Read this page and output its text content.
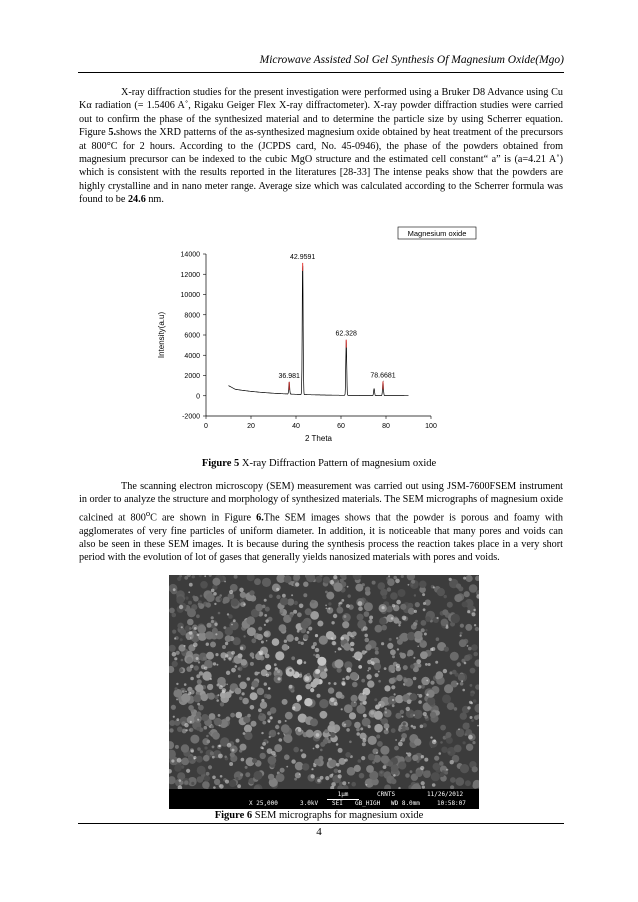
Microwave Assisted Sol Gel Synthesis Of Magnesium Oxide(Mgo)

X-ray diffraction studies for the present investigation were performed using a Bruker D8 Advance using Cu Kα radiation (= 1.5406 A˚, Rigaku Geiger Flex X-ray diffractometer). X-ray powder diffraction studies were carried out to confirm the phase of the synthesized material and to determine the particle size by using Scherrer equation. Figure 5.shows the XRD patterns of the as-synthesized magnesium oxide obtained by heat treatment of the precursors at 800°C for 2 hours. According to the (JCPDS card, No. 45-0946), the phase of the powders obtained from magnesium precursor can be indexed to the cubic MgO structure and the estimated cell constant“ a” is (a=4.21 A˚) which is consistent with the results reported in the literatures [28-33] The intense peaks show that the powders are highly crystalline and in nano meter range. Average size which was calculated according to the Scherrer formula was found to be 24.6 nm.

0	20	40	60	80	100
-2000
0
2000
4000
6000
8000
10000
12000
14000
2 Theta
Intensity(a.u)
Magnesium oxide
36.981
42.9591
62.328
78.6681
Figure 5 X-ray Diffraction Pattern of magnesium oxide

The scanning electron microscopy (SEM) measurement was carried out using JSM-7600FSEM instrument in order to analyze the structure and morphology of synthesized materials. The SEM micrographs of magnesium oxide calcined at 800$^o$C are shown in Figure 6.The SEM images shows that the powder is porous and foamy with agglomerates of very fine particles of uniform diameter. In addition, it is noticeable that many pores and voids can also be seen in these SEM images. It is because during the synthesis process the reaction takes place in a very short period with the evolution of lot of gases that generally yields nanosized materials with pores and voids.

1μm	CRNTS	11/26/2012
X 25,000	3.0kV SEI GB_HIGH WD 8.0mm	10:58:07
Figure 6 SEM micrographs for magnesium oxide
4
